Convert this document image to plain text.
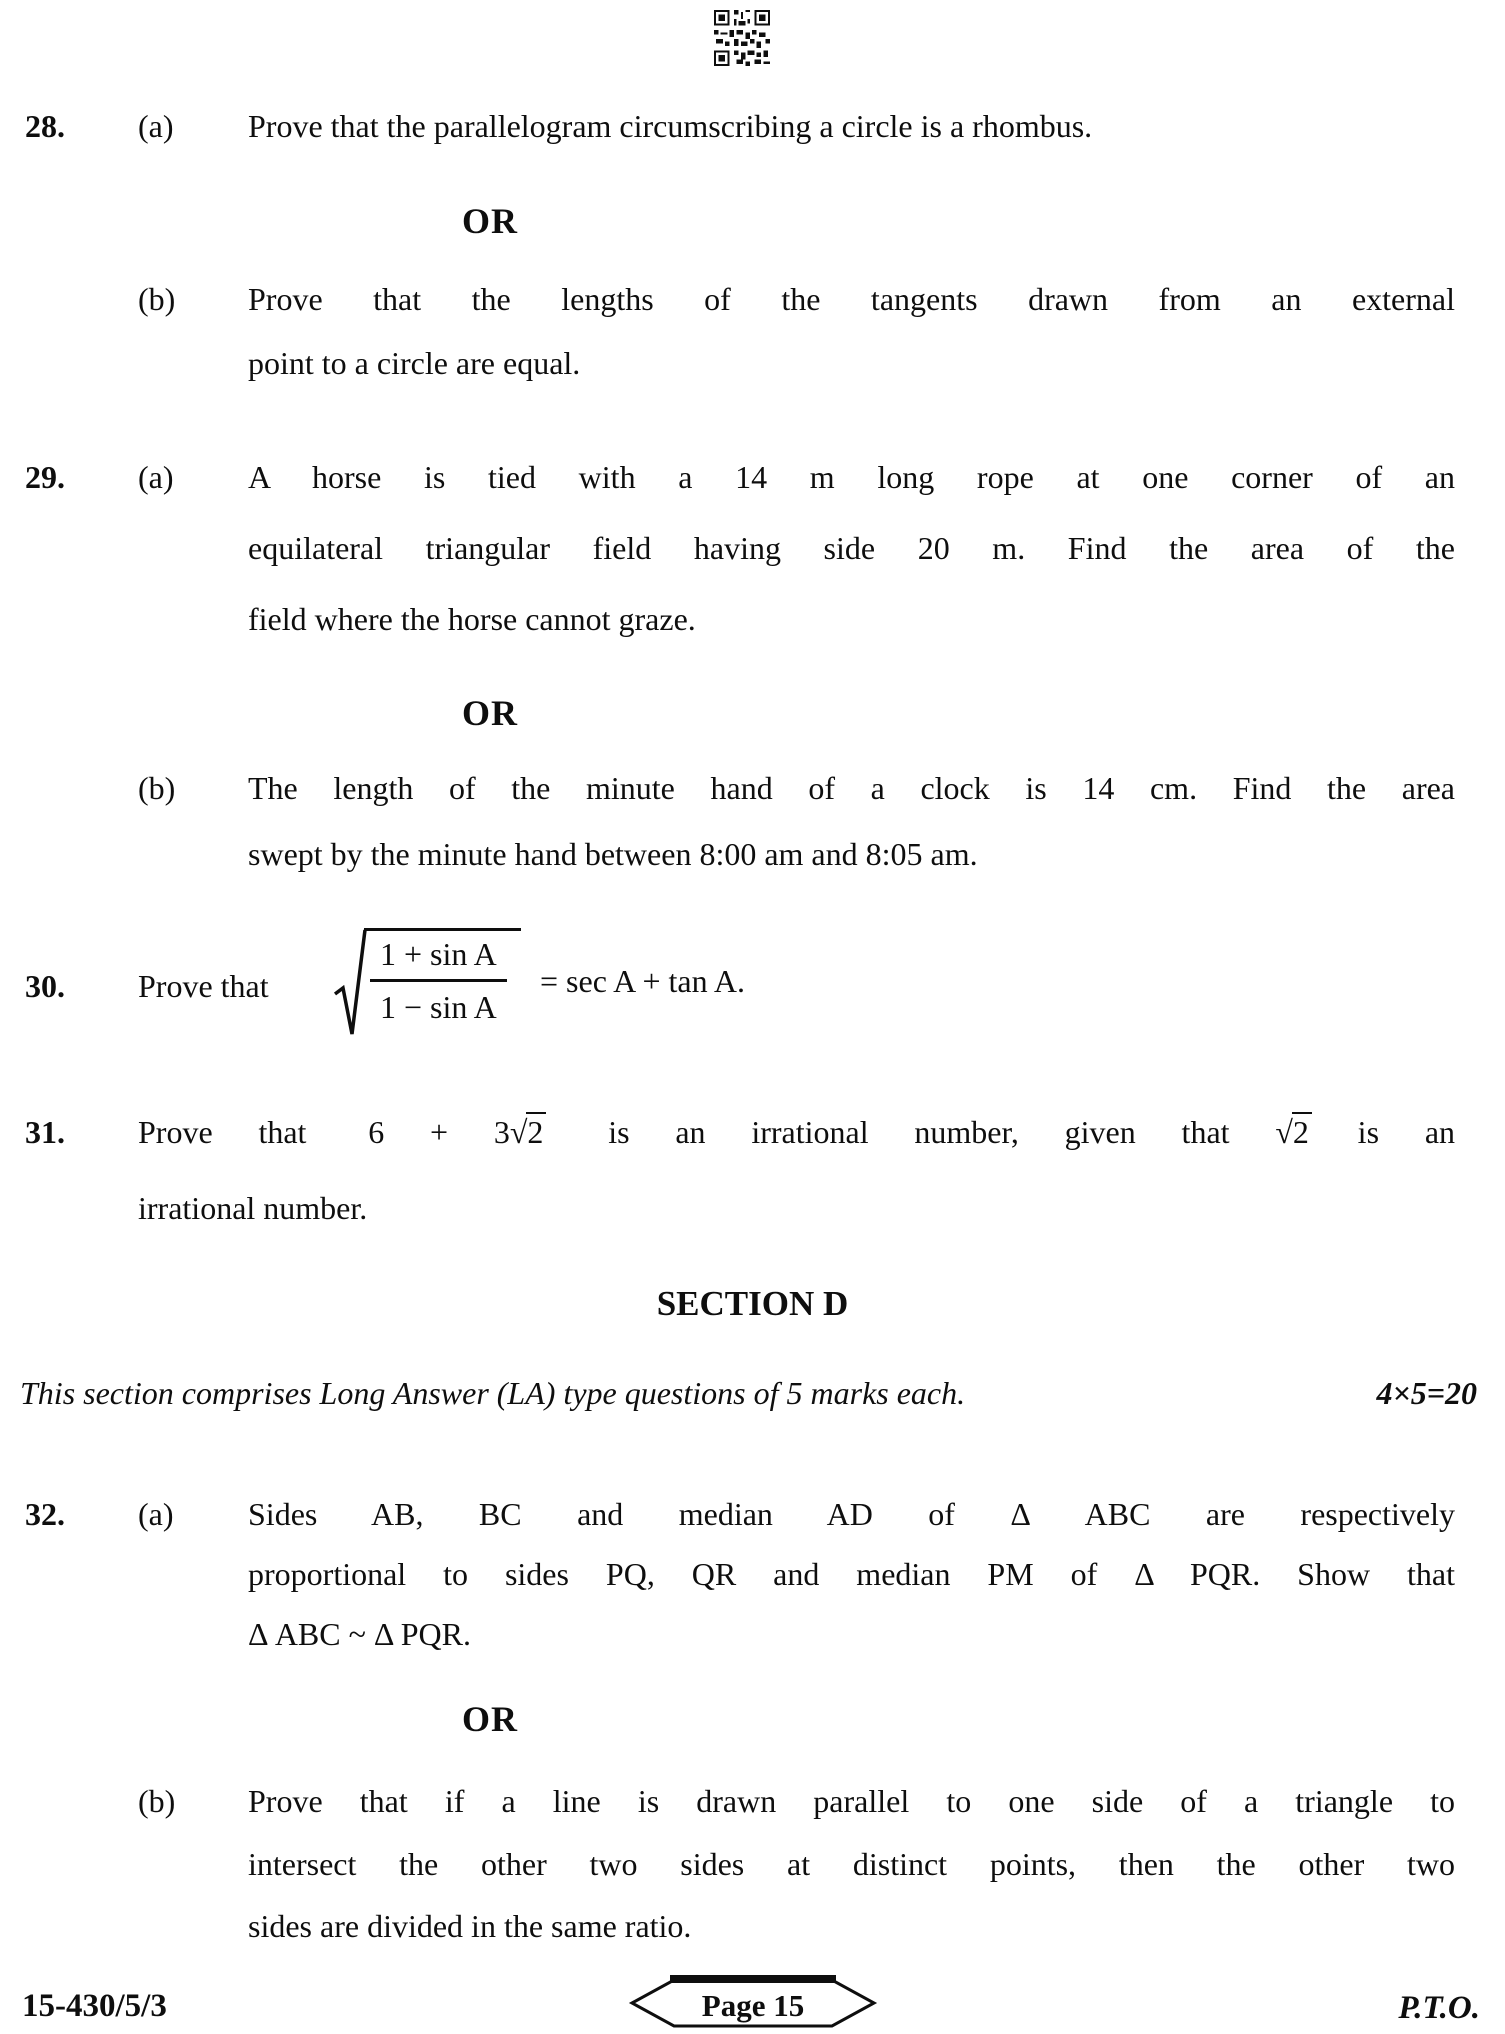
28. (a) Prove that the parallelogram circumscribing a circle is a rhombus.
OR
(b) Prove that the lengths of the tangents drawn from an external
point to a circle are equal.
29. (a) A horse is tied with a 14 m long rope at one corner of an
equilateral triangular field having side 20 m. Find the area of the
field where the horse cannot graze.
OR
(b) The length of the minute hand of a clock is 14 cm. Find the area
swept by the minute hand between 8:00 am and 8:05 am.
30. Prove that
1 + sin A
1 − sin A
= sec A + tan A.
31. Prove that  6 + 3√2  is an irrational number, given that √2 is an
irrational number.
SECTION D
This section comprises Long Answer (LA) type questions of 5 marks each.	4×5=20
32. (a) Sides AB, BC and median AD of Δ ABC are respectively
proportional to sides PQ, QR and median PM of Δ PQR. Show that
Δ ABC ~ Δ PQR.
OR
(b) Prove that if a line is drawn parallel to one side of a triangle to
intersect the other two sides at distinct points, then the other two
sides are divided in the same ratio.
15-430/5/3	Page 15	P.T.O.
